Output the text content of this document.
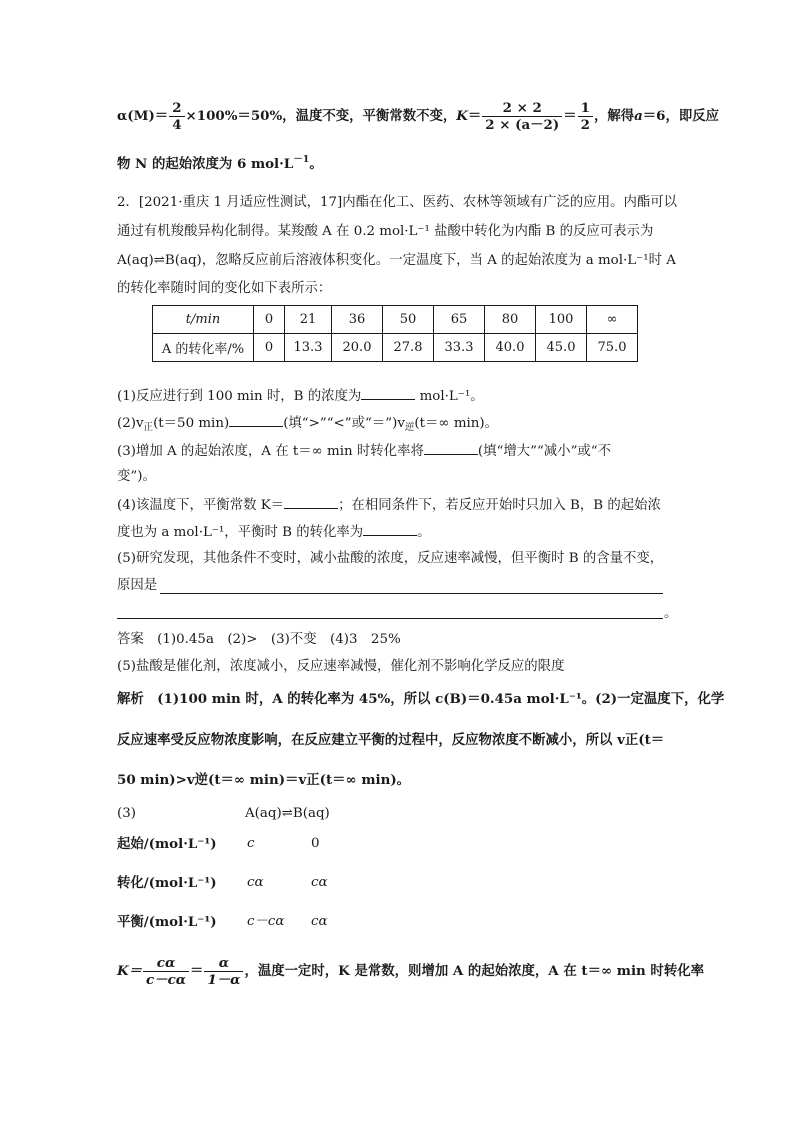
$\alpha(M)= \frac{2}{4} \times 100\%=50\%$，温度不变，平衡常数不变，$K= \frac{2 \times 2}{2 \times (a-2)} = \frac{1}{2}$ ，解得a＝6，即反应
物 N 的起始浓度为 6 $mol\cdot L^{-1}$。
2．[2021·重庆 1 月适应性测试，17]内酯在化工、医药、农林等领域有广泛的应用。内酯可以
通过有机羧酸异构化制得。某羧酸 A 在 0.2 mol·L⁻¹ 盐酸中转化为内酯 B 的反应可表示为
A(aq)⇌B(aq)，忽略反应前后溶液体积变化。一定温度下，当 A 的起始浓度为 a mol·L⁻¹时 A
的转化率随时间的变化如下表所示：
t/min	0	21	36	50	65	80	100	∞
A 的转化率/%	0	13.3	20.0	27.8	33.3	40.0	45.0	75.0
(1)反应进行到 100 min 时，B 的浓度为	mol·L⁻¹。
$(2)v_正(t=50$ min)	(填“>”“<”或“$=”)v_逆(t=\infty$ min)。
(3)增加 A 的起始浓度，A 在 t＝∞ min 时转化率将	(填“增大”“减小”或“不
变”)。
(4)该温度下，平衡常数 K＝	；在相同条件下，若反应开始时只加入 B，B 的起始浓
度也为 a mol·L⁻¹，平衡时 B 的转化率为	。
(5)研究发现，其他条件不变时，减小盐酸的浓度，反应速率减慢，但平衡时 B 的含量不变，
原因是
。
答案　 (1)0.45a　(2)>　(3)不变　(4)3　25%
(5)盐酸是催化剂，浓度减小，反应速率减慢，催化剂不影响化学反应的限度
解析　 (1)100 min 时，A 的转化率为 45%，所以 c(B)＝0.45a mol·L⁻¹。(2)一定温度下，化学
反应速率受反应物浓度影响，在反应建立平衡的过程中，反应物浓度不断减小，所以 v正(t＝
50 min)>v逆(t＝∞ min)＝v正(t＝∞ min)。
(3)	A(aq)⇌B(aq)
起始/(mol·L⁻¹) c	0
转化/(mol·L⁻¹) cα	cα
平衡/(mol·L⁻¹) c－cα cα
$K= \frac{c\alpha}{c-c\alpha} = \frac{\alpha}{1-\alpha}$ ，温度一定时，K 是常数，则增加 A 的起始浓度，A 在 t＝∞ min 时转化率
